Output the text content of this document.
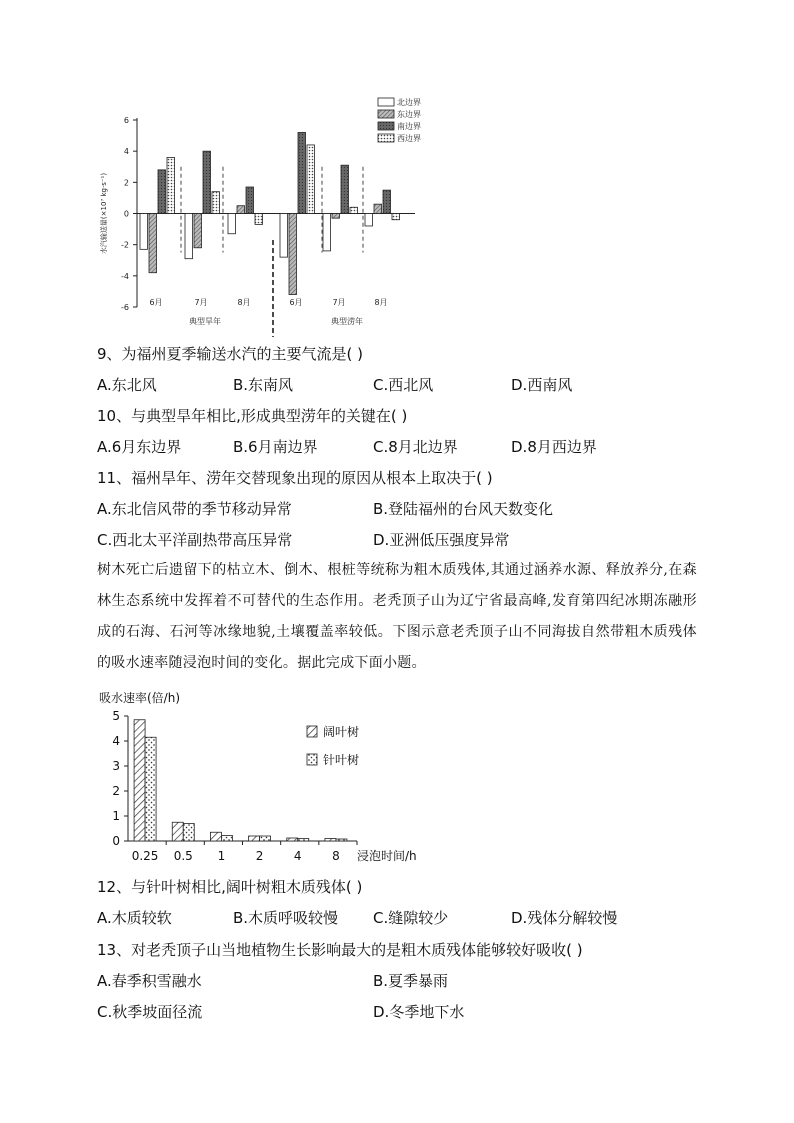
6
4
2
0
-2
-4
-6
水汽输送量(×10⁷ kg·s⁻¹)
6月	7月	8月	6月	7月	8月
典型旱年	典型涝年
北边界
东边界
南边界
西边界
9、为福州夏季输送水汽的主要气流是( )
A.东北风	B.东南风	C.西北风	D.西南风
10、与典型旱年相比,形成典型涝年的关键在( )
A.6月东边界	B.6月南边界	C.8月北边界	D.8月西边界
11、福州旱年、涝年交替现象出现的原因从根本上取决于( )
A.东北信风带的季节移动异常	B.登陆福州的台风天数变化
C.西北太平洋副热带高压异常	D.亚洲低压强度异常
树木死亡后遗留下的枯立木、倒木、根桩等统称为粗木质残体,其通过涵养水源、释放养分,在森林生态系统中发挥着不可替代的生态作用。老秃顶子山为辽宁省最高峰,发育第四纪冰期冻融形成的石海、石河等冰缘地貌,土壤覆盖率较低。下图示意老秃顶子山不同海拔自然带粗木质残体的吸水速率随浸泡时间的变化。据此完成下面小题。
吸水速率(倍/h)
5
4
3
2
1
0
0.25 0.5 1	2	4	8 浸泡时间/h
阔叶树
针叶树
12、与针叶树相比,阔叶树粗木质残体( )
A.木质较软	B.木质呼吸较慢 C.缝隙较少	D.残体分解较慢
13、对老秃顶子山当地植物生长影响最大的是粗木质残体能够较好吸收( )
A.春季积雪融水	B.夏季暴雨
C.秋季坡面径流	D.冬季地下水
